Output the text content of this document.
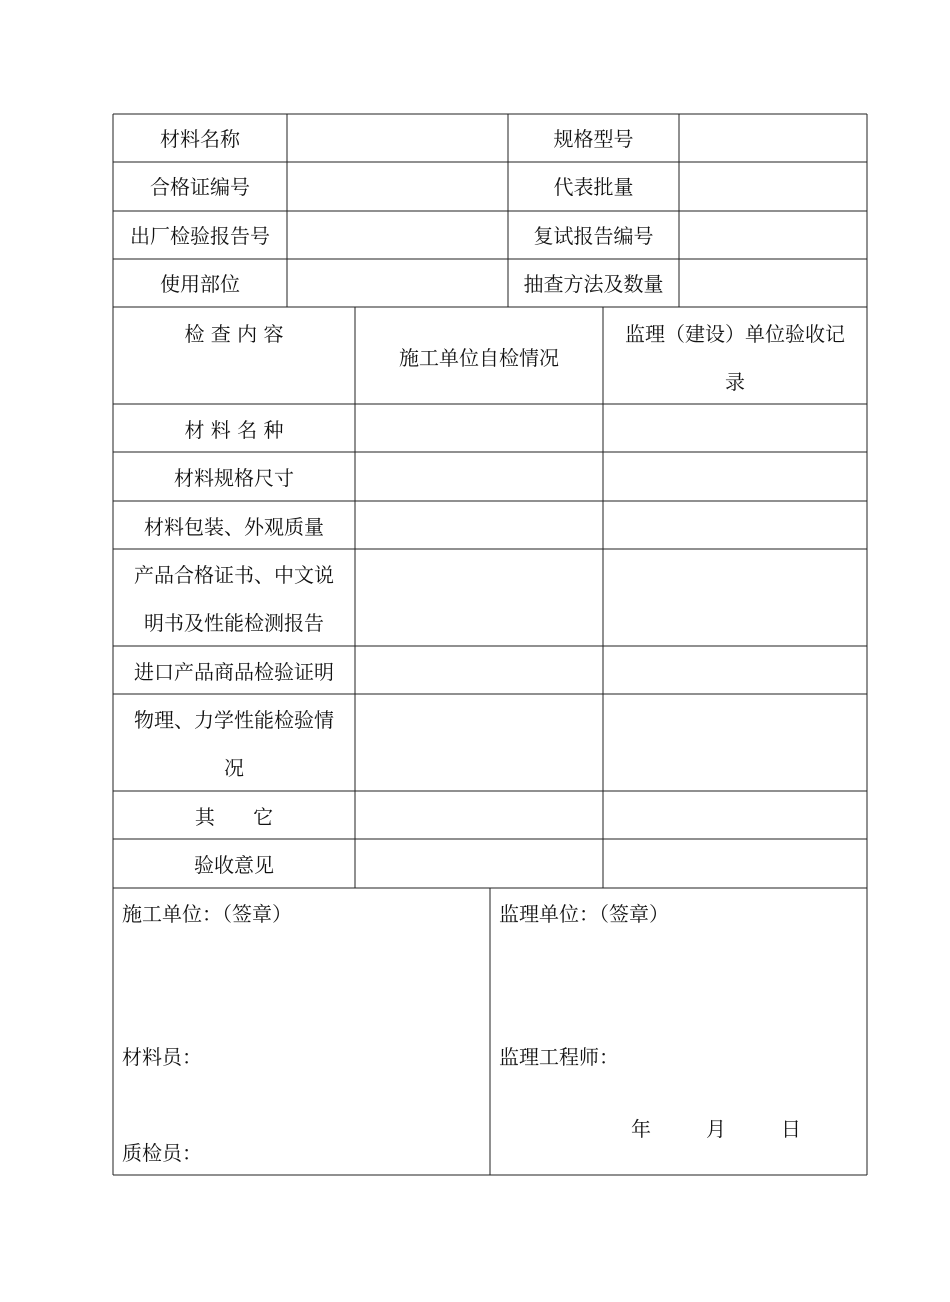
材料名称
合格证编号
出厂检验报告号
使用部位
规格型号
代表批量
复试报告编号
抽查方法及数量
检 查 内 容
施工单位自检情况
监理（建设）单位验收记
录
材 料 名 种
材料规格尺寸
材料包装、外观质量
产品合格证书、中文说
明书及性能检测报告
进口产品商品检验证明
物理、力学性能检验情
况
其      它
验收意见
施工单位：（签章）
材料员：
质检员：
监理单位：（签章）
监理工程师：
年	月	日
